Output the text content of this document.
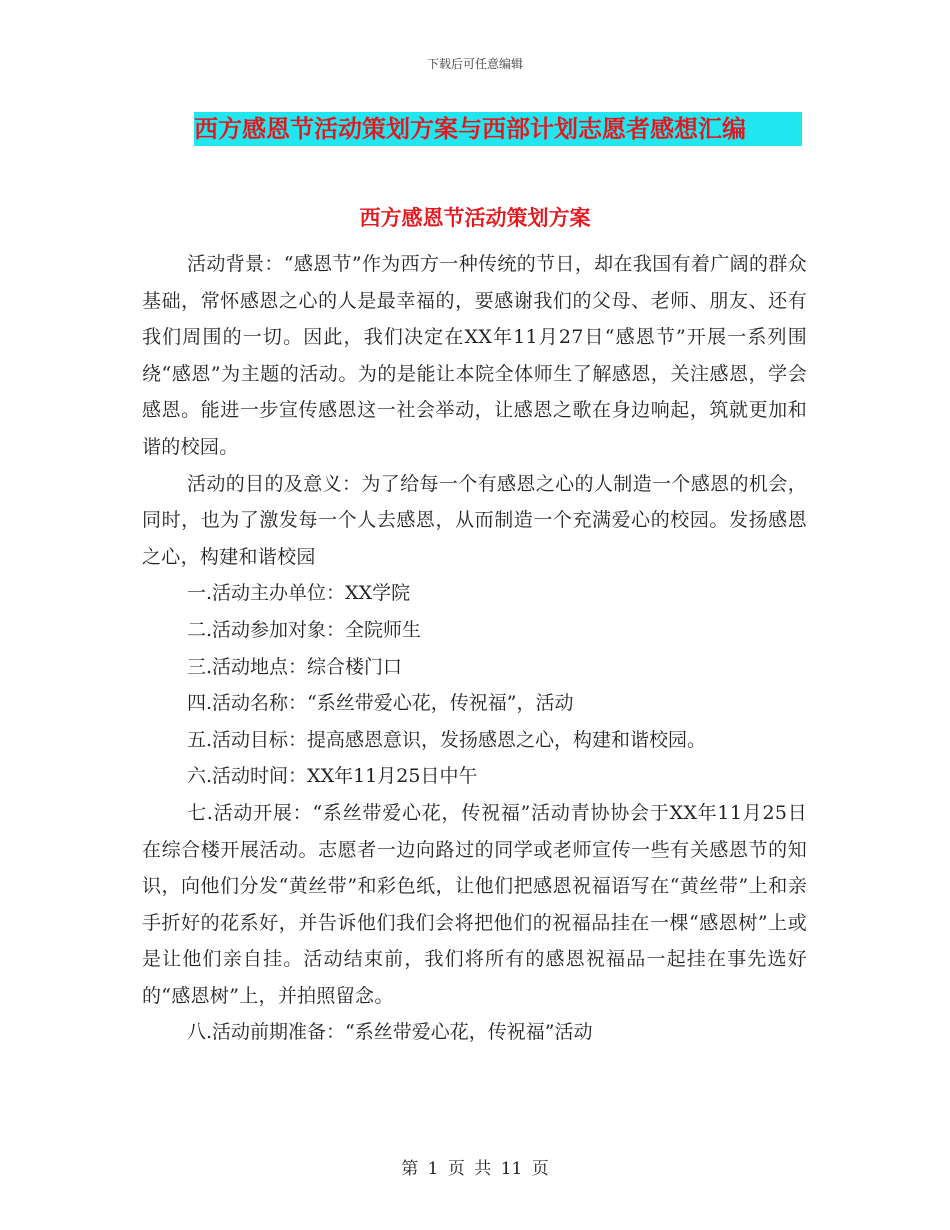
下载后可任意编辑
西方感恩节活动策划方案与西部计划志愿者感想汇编
西方感恩节活动策划方案

活动背景：“感恩节”作为西方一种传统的节日，却在我国有着广阔的群众基础，常怀感恩之心的人是最幸福的，要感谢我们的父母、老师、朋友、还有我们周围的一切。因此，我们决定在XX年11月27日“感恩节”开展一系列围绕“感恩”为主题的活动。为的是能让本院全体师生了解感恩，关注感恩，学会感恩。能进一步宣传感恩这一社会举动，让感恩之歌在身边响起，筑就更加和谐的校园。

活动的目的及意义：为了给每一个有感恩之心的人制造一个感恩的机会，同时，也为了激发每一个人去感恩，从而制造一个充满爱心的校园。发扬感恩之心，构建和谐校园

一.活动主办单位：XX学院

二.活动参加对象：全院师生

三.活动地点：综合楼门口

四.活动名称：“系丝带爱心花，传祝福”，活动

五.活动目标：提高感恩意识，发扬感恩之心，构建和谐校园。

六.活动时间：XX年11月25日中午

七.活动开展：“系丝带爱心花，传祝福”活动青协协会于XX年11月25日在综合楼开展活动。志愿者一边向路过的同学或老师宣传一些有关感恩节的知识，向他们分发“黄丝带”和彩色纸，让他们把感恩祝福语写在“黄丝带”上和亲手折好的花系好，并告诉他们我们会将把他们的祝福品挂在一棵“感恩树”上或是让他们亲自挂。活动结束前，我们将所有的感恩祝福品一起挂在事先选好的“感恩树”上，并拍照留念。

八.活动前期准备：“系丝带爱心花，传祝福”活动

第 1 页 共 11 页
